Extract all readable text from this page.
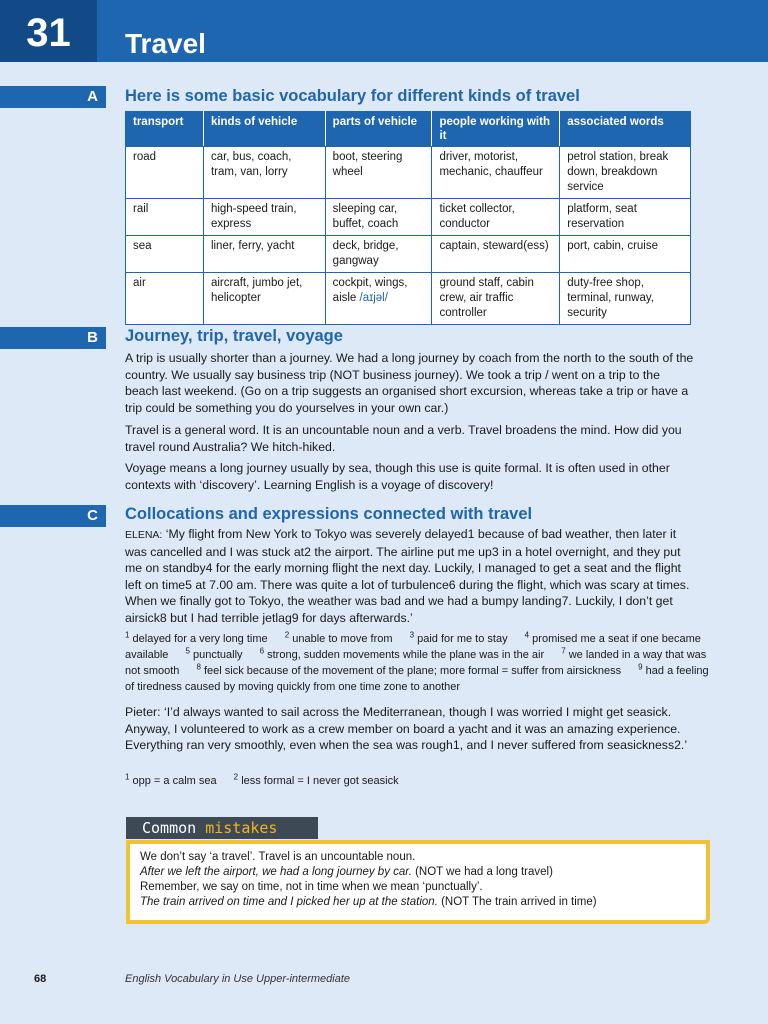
31	Travel
A	Here is some basic vocabulary for different kinds of travel
transport	kinds of vehicle	parts of vehicle	people working with it	associated words
road	car, bus, coach, tram, van, lorry	boot, steering wheel	driver, motorist, mechanic, chauffeur	petrol station, break down, breakdown service
rail	high-speed train, express	sleeping car, buffet, coach	ticket collector, conductor	platform, seat reservation
sea	liner, ferry, yacht	deck, bridge, gangway	captain, steward(ess)	port, cabin, cruise
air	aircraft, jumbo jet, helicopter	cockpit, wings, aisle /aɪjəl/	ground staff, cabin crew, air traffic controller	duty-free shop, terminal, runway, security
B	Journey, trip, travel, voyage
A trip is usually shorter than a journey. We had a long journey by coach from the north to the south of the country. We usually say business trip (NOT business journey). We took a trip / went on a trip to the beach last weekend. (Go on a trip suggests an organised short excursion, whereas take a trip or have a trip could be something you do yourselves in your own car.)
Travel is a general word. It is an uncountable noun and a verb. Travel broadens the mind. How did you travel round Australia? We hitch-hiked.
Voyage means a long journey usually by sea, though this use is quite formal. It is often used in other contexts with ‘discovery’. Learning English is a voyage of discovery!
C	Collocations and expressions connected with travel
ELENA: ‘My flight from New York to Tokyo was severely delayed1 because of bad weather, then later it was cancelled and I was stuck at2 the airport. The airline put me up3 in a hotel overnight, and they put me on standby4 for the early morning flight the next day. Luckily, I managed to get a seat and the flight left on time5 at 7.00 am. There was quite a lot of turbulence6 during the flight, which was scary at times. When we finally got to Tokyo, the weather was bad and we had a bumpy landing7. Luckily, I don’t get airsick8 but I had terrible jetlag9 for days afterwards.’
$^1$ delayed for a very long time $^2$ unable to move from $^3$ paid for me to stay $^4$ promised me a seat if one became available $^5$ punctually $^6$ strong, sudden movements while the plane was in the air $^7$ we landed in a way that was not smooth $^8$ feel sick because of the movement of the plane; more formal = suffer from airsickness $^9$ had a feeling of tiredness caused by moving quickly from one time zone to another
Pieter: ‘I’d always wanted to sail across the Mediterranean, though I was worried I might get seasick. Anyway, I volunteered to work as a crew member on board a yacht and it was an amazing experience. Everything ran very smoothly, even when the sea was rough1, and I never suffered from seasickness2.’
$^1$ opp = a calm sea $^2$ less formal = I never got seasick
Common mistakes
We don’t say ‘a travel’. Travel is an uncountable noun.
After we left the airport, we had a long journey by car. (NOT we had a long travel)
Remember, we say on time, not in time when we mean ‘punctually’.
The train arrived on time and I picked her up at the station. (NOT The train arrived in time)
68	English Vocabulary in Use Upper-intermediate
